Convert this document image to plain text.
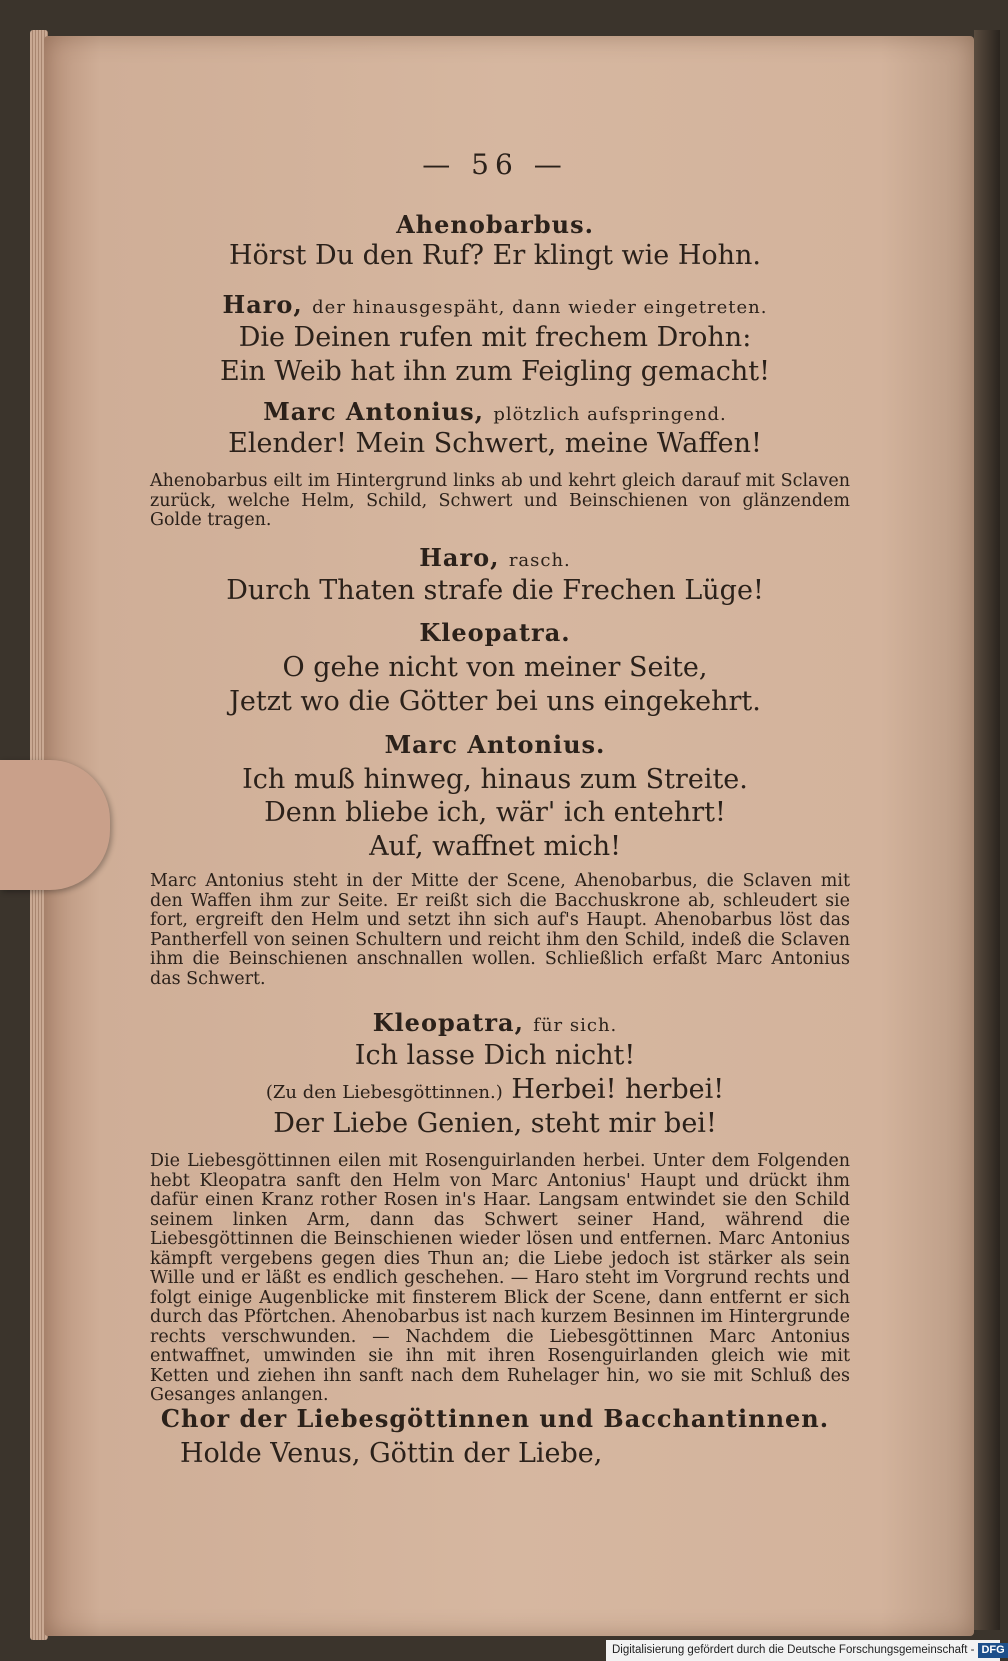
— 56 —
Ahenobarbus.
Hörst Du den Ruf? Er klingt wie Hohn.
Haro, der hinausgespäht, dann wieder eingetreten.
Die Deinen rufen mit frechem Drohn:
Ein Weib hat ihn zum Feigling gemacht!
Marc Antonius, plötzlich aufspringend.
Elender! Mein Schwert, meine Waffen!
Ahenobarbus eilt im Hintergrund links ab und kehrt gleich darauf mit Sclaven zurück, welche Helm, Schild, Schwert und Beinschienen von glänzendem Golde tragen.
Haro, rasch.
Durch Thaten strafe die Frechen Lüge!
Kleopatra.
O gehe nicht von meiner Seite,
Jetzt wo die Götter bei uns eingekehrt.
Marc Antonius.
Ich muß hinweg, hinaus zum Streite.
Denn bliebe ich, wär' ich entehrt!
Auf, waffnet mich!
Marc Antonius steht in der Mitte der Scene, Ahenobarbus, die Sclaven mit den Waffen ihm zur Seite. Er reißt sich die Bacchuskrone ab, schleudert sie fort, ergreift den Helm und setzt ihn sich auf's Haupt. Ahenobarbus löst das Pantherfell von seinen Schultern und reicht ihm den Schild, indeß die Sclaven ihm die Beinschienen anschnallen wollen. Schließlich erfaßt Marc Antonius das Schwert.
Kleopatra, für sich.
Ich lasse Dich nicht!
(Zu den Liebesgöttinnen.) Herbei! herbei!
Der Liebe Genien, steht mir bei!
Die Liebesgöttinnen eilen mit Rosenguirlanden herbei. Unter dem Folgenden hebt Kleopatra sanft den Helm von Marc Antonius' Haupt und drückt ihm dafür einen Kranz rother Rosen in's Haar. Langsam entwindet sie den Schild seinem linken Arm, dann das Schwert seiner Hand, während die Liebesgöttinnen die Beinschienen wieder lösen und entfernen. Marc Antonius kämpft vergebens gegen dies Thun an; die Liebe jedoch ist stärker als sein Wille und er läßt es endlich geschehen. — Haro steht im Vorgrund rechts und folgt einige Augenblicke mit finsterem Blick der Scene, dann entfernt er sich durch das Pförtchen. Ahenobarbus ist nach kurzem Besinnen im Hintergrunde rechts verschwunden. — Nachdem die Liebesgöttinnen Marc Antonius entwaffnet, umwinden sie ihn mit ihren Rosenguirlanden gleich wie mit Ketten und ziehen ihn sanft nach dem Ruhelager hin, wo sie mit Schluß des Gesanges anlangen.
Chor der Liebesgöttinnen und Bacchantinnen.
Holde Venus, Göttin der Liebe,
Digitalisierung gefördert durch die Deutsche Forschungsgemeinschaft - DFG
